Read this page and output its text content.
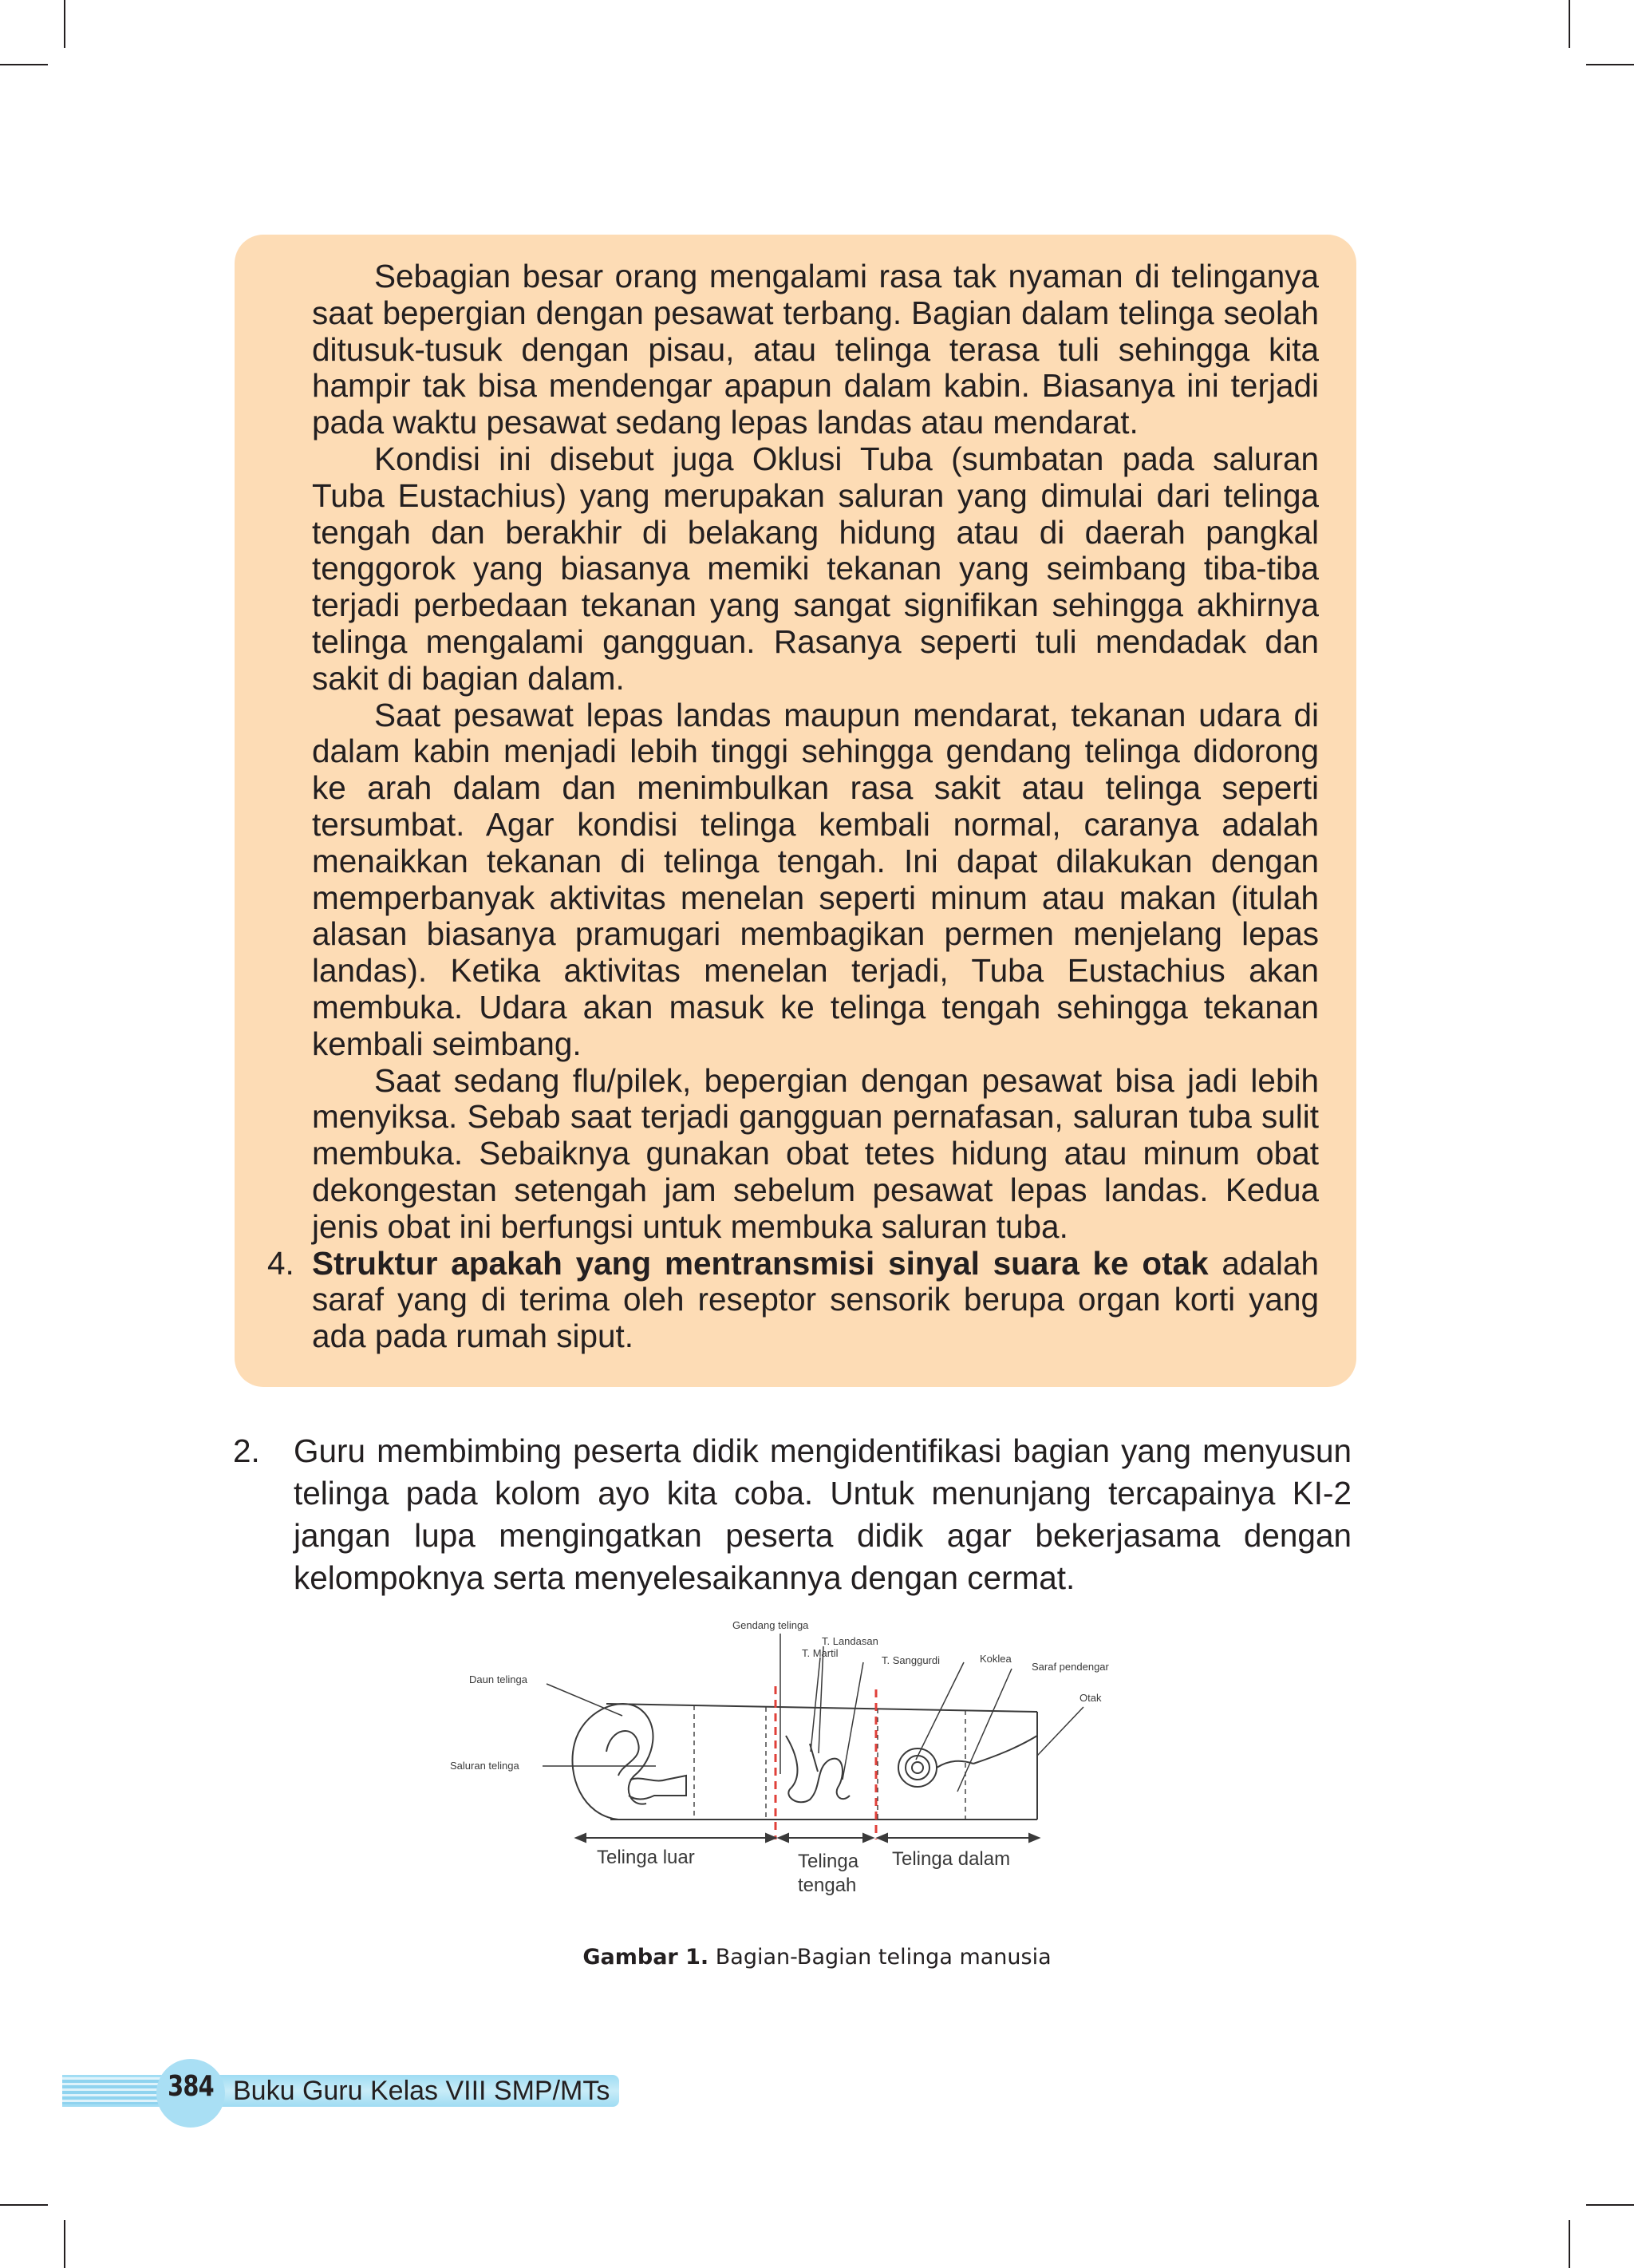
Sebagian besar orang mengalami rasa tak nyaman di telinganya saat bepergian dengan pesawat terbang. Bagian dalam telinga seolah ditusuk-tusuk dengan pisau, atau telinga terasa tuli sehingga kita hampir tak bisa mendengar apapun dalam kabin. Biasanya ini terjadi pada waktu pesawat sedang lepas landas atau mendarat.

Kondisi ini disebut juga Oklusi Tuba (sumbatan pada saluran Tuba Eustachius) yang merupakan saluran yang dimulai dari telinga tengah dan berakhir di belakang hidung atau di daerah pangkal tenggorok yang biasanya memiki tekanan yang seimbang tiba-tiba terjadi perbedaan tekanan yang sangat signifikan sehingga akhirnya telinga mengalami gangguan. Rasanya seperti tuli mendadak dan sakit di bagian dalam.

Saat pesawat lepas landas maupun mendarat, tekanan udara di dalam kabin menjadi lebih tinggi sehingga gendang telinga didorong ke arah dalam dan menimbulkan rasa sakit atau telinga seperti tersumbat. Agar kondisi telinga kembali normal, caranya adalah menaikkan tekanan di telinga tengah. Ini dapat dilakukan dengan memperbanyak aktivitas menelan seperti minum atau makan (itulah alasan biasanya pramugari membagikan permen menjelang lepas landas). Ketika aktivitas menelan terjadi, Tuba Eustachius akan membuka. Udara akan masuk ke telinga tengah sehingga tekanan kembali seimbang.

Saat sedang flu/pilek, bepergian dengan pesawat bisa jadi lebih menyiksa. Sebab saat terjadi gangguan pernafasan, saluran tuba sulit membuka. Sebaiknya gunakan obat tetes hidung atau minum obat dekongestan setengah jam sebelum pesawat lepas landas. Kedua jenis obat ini berfungsi untuk membuka saluran tuba.

4. Struktur apakah yang mentransmisi sinyal suara ke otak adalah saraf yang di terima oleh reseptor sensorik berupa organ korti yang ada pada rumah siput.

2. Guru membimbing peserta didik mengidentifikasi bagian yang menyusun telinga pada kolom ayo kita coba. Untuk menunjang tercapainya KI-2 jangan lupa mengingatkan peserta didik agar bekerjasama dengan kelompoknya serta menyelesaikannya dengan cermat.
Gendang telinga
T. Landasan
T. Martil
T. Sanggurdi	Koklea
Saraf pendengar
Otak
Daun telinga
Saluran telinga
Telinga luar	Telinga
tengah
Telinga dalam
Gambar 1. Bagian-Bagian telinga manusia
384 Buku Guru Kelas VIII SMP/MTs
